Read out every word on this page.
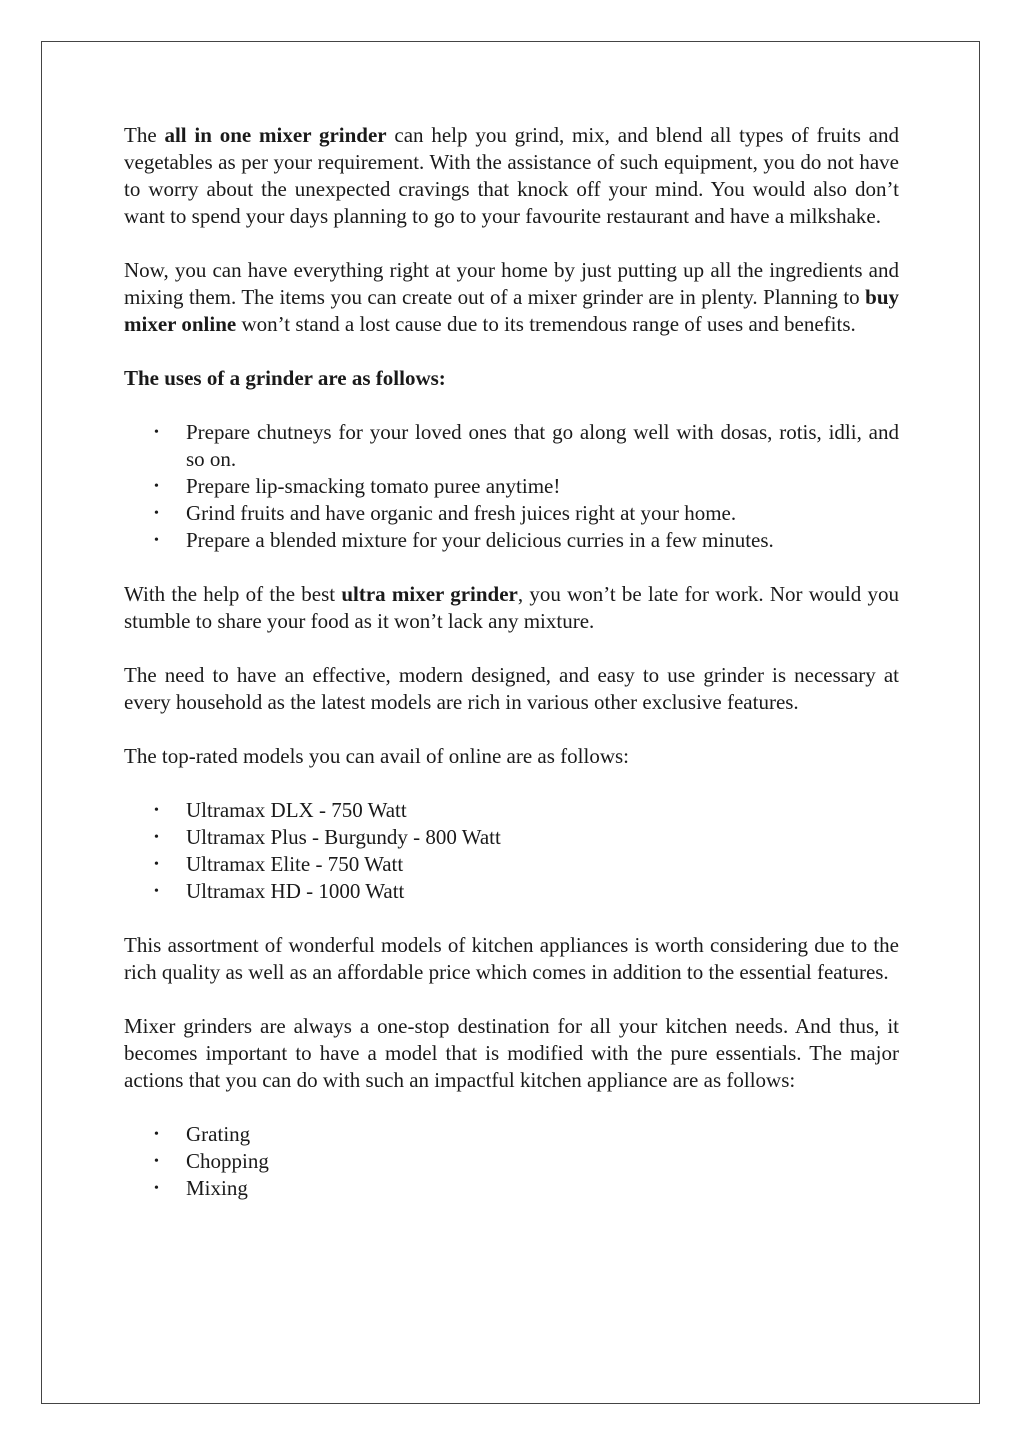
The all in one mixer grinder can help you grind, mix, and blend all types of fruits and vegetables as per your requirement. With the assistance of such equipment, you do not have to worry about the unexpected cravings that knock off your mind. You would also don’t want to spend your days planning to go to your favourite restaurant and have a milkshake.

Now, you can have everything right at your home by just putting up all the ingredients and mixing them. The items you can create out of a mixer grinder are in plenty. Planning to buy mixer online won’t stand a lost cause due to its tremendous range of uses and benefits.

The uses of a grinder are as follows:

• Prepare chutneys for your loved ones that go along well with dosas, rotis, idli, and so on.
• Prepare lip-smacking tomato puree anytime!
• Grind fruits and have organic and fresh juices right at your home.
• Prepare a blended mixture for your delicious curries in a few minutes.

With the help of the best ultra mixer grinder, you won’t be late for work. Nor would you stumble to share your food as it won’t lack any mixture.

The need to have an effective, modern designed, and easy to use grinder is necessary at every household as the latest models are rich in various other exclusive features.

The top-rated models you can avail of online are as follows:

• Ultramax DLX - 750 Watt
• Ultramax Plus - Burgundy - 800 Watt
• Ultramax Elite - 750 Watt
• Ultramax HD - 1000 Watt

This assortment of wonderful models of kitchen appliances is worth considering due to the rich quality as well as an affordable price which comes in addition to the essential features.

Mixer grinders are always a one-stop destination for all your kitchen needs. And thus, it becomes important to have a model that is modified with the pure essentials. The major actions that you can do with such an impactful kitchen appliance are as follows:

• Grating
• Chopping
• Mixing
